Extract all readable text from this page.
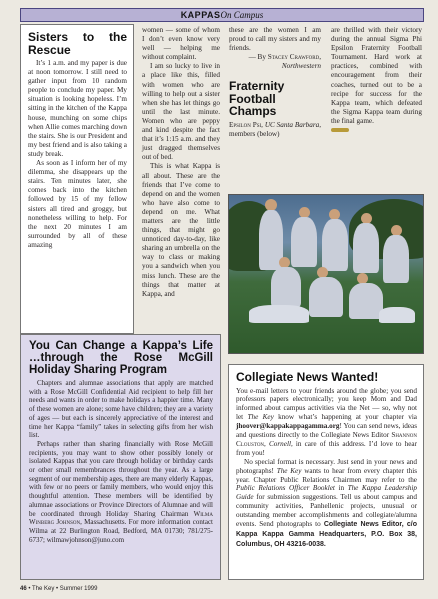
KAPPASOn Campus
Sisters to the Rescue

It’s 1 a.m. and my paper is due at noon tomorrow. I still need to gather input from 10 random people to conclude my paper. My situation is looking hopeless. I’m sitting in the kitchen of the Kappa house, munching on some chips when Allie comes marching down the stairs. She is our President and my best friend and is also taking a study break.

As soon as I inform her of my dilemma, she disappears up the stairs. Ten minutes later, she comes back into the kitchen followed by 15 of my fellow sisters all tired and groggy, but nonetheless willing to help. For the next 20 minutes I am surrounded by all of these amazing

women — some of whom I don’t even know very well — helping me without complaint.

I am so lucky to live in a place like this, filled with women who are willing to help out a sister when she has let things go until the last minute. Women who are peppy and kind despite the fact that it’s 1:15 a.m. and they just dragged themselves out of bed.

This is what Kappa is all about. These are the friends that I’ve come to depend on and the women who have also come to depend on me. What matters are the little things, that might go unnoticed day-to-day, like sharing an umbrella on the way to class or making you a sandwich when you miss lunch. These are the things that matter at Kappa, and

these are the women I am proud to call my sisters and my friends.

— By Stacey Crawford, Northwestern

Fraternity Football Champs

Epsilon Psi, UC Santa Barbara, members (below)

are thrilled with their victory during the annual Sigma Phi Epsilon Fraternity Football Tournament. Hard work at practices, combined with encouragement from their coaches, turned out to be a recipe for success for the Kappa team, which defeated the Sigma Kappa team during the final game.

You Can Change a Kappa’s Life …through the Rose McGill Holiday Sharing Program

Chapters and alumnae associations that apply are matched with a Rose McGill Confidential Aid recipient to help fill her needs and wants in order to make holidays a happier time. Many of these women are alone; some have children; they are a variety of ages — but each is sincerely appreciative of the interest and time her Kappa “family” takes in selecting gifts from her wish list.

Perhaps rather than sharing financially with Rose McGill recipients, you may want to show other possibly lonely or isolated Kappas that you care through holiday or birthday cards or other small remembrances throughout the year. As a large segment of our membership ages, there are many elderly Kappas, with few or no peers or family members, who would enjoy this thoughtful attention. These members will be identified by alumnae associations or Province Directors of Alumnae and will be coordinated through Holiday Sharing Chairman Wilma Winberg Johnson, Massachusetts. For more information contact Wilma at 22 Burlington Road, Bedford, MA 01730; 781/275-6737; wilmawjohnson@juno.com

Collegiate News Wanted!

You e-mail letters to your friends around the globe; you send professors papers electronically; you keep Mom and Dad informed about campus activities via the Net — so, why not let The Key know what’s happening at your chapter via jhoover@kappakappagamma.org! You can send news, ideas and questions directly to the Collegiate News Editor Shannon Clouston, Cornell, in care of this address. I’d love to hear from you!

No special format is necessary. Just send in your news and photographs! The Key wants to hear from every chapter this year. Chapter Public Relations Chairmen may refer to the Public Relations Officer Booklet in The Kappa Leadership Guide for submission suggestions. Tell us about campus and community activities, Panhellenic projects, unusual or outstanding member accomplishments and collegiate/alumna events. Send photographs to Collegiate News Editor, c/o Kappa Kappa Gamma Headquarters, P.O. Box 38, Columbus, OH 43216-0038.

46 • The Key • Summer 1999
